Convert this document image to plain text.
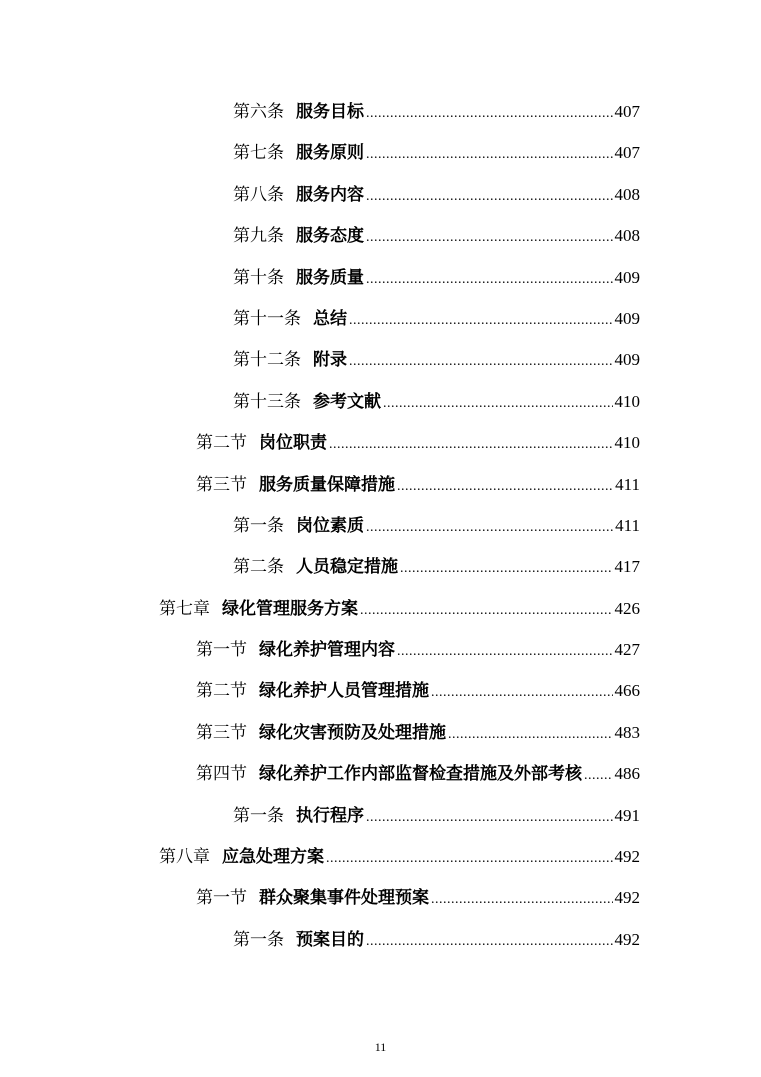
第六条 服务目标 .....	407
第七条 服务原则 .....	407
第八条 服务内容 .....	408
第九条 服务态度 .....	408
第十条 服务质量 .....	409
第十一条 总结 .....	409
第十二条 附录 .....	409
第十三条 参考文献 .....	410
第二节 岗位职责 .....	410
第三节 服务质量保障措施 .....	411
第一条 岗位素质 .....	411
第二条 人员稳定措施 .....	417
第七章 绿化管理服务方案 .....	426
第一节 绿化养护管理内容 .....	427
第二节 绿化养护人员管理措施 .....	466
第三节 绿化灾害预防及处理措施 .....	483
第四节 绿化养护工作内部监督检查措施及外部考核 ..... 486
第一条 执行程序 .....	491
第八章 应急处理方案 .....	492
第一节 群众聚集事件处理预案 .....	492
第一条 预案目的 .....	492
11
